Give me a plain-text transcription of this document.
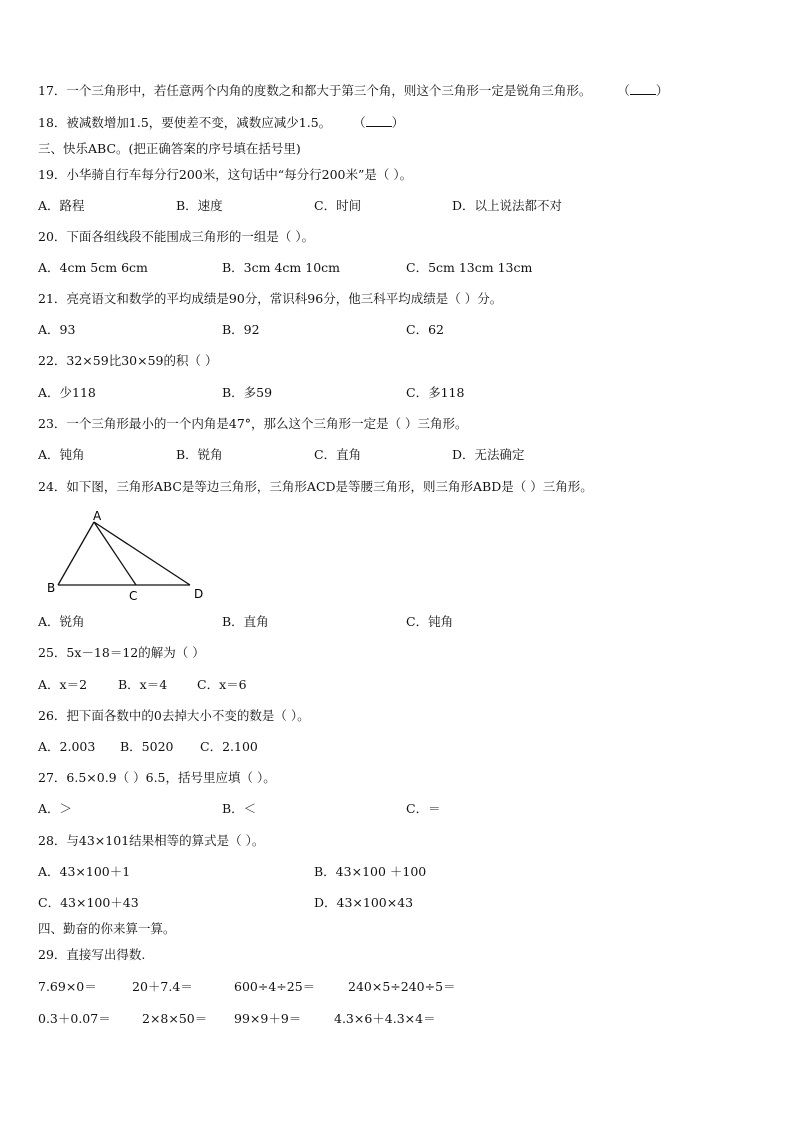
17．一个三角形中，若任意两个内角的度数之和都大于第三个角，则这个三角形一定是锐角三角形。 （ ）
18．被减数增加1.5，要使差不变，减数应减少1.5。 （ ）
三、快乐ABC。(把正确答案的序号填在括号里)
19．小华骑自行车每分行200米，这句话中“每分行200米”是（ ）。
A．路程	B．速度	C．时间	D．以上说法都不对
20．下面各组线段不能围成三角形的一组是（ ）。
A．4cm 5cm 6cm	B．3cm 4cm 10cm	C．5cm 13cm 13cm
21．亮亮语文和数学的平均成绩是90分，常识科96分，他三科平均成绩是（ ）分。
A．93	B．92	C．62
22．32×59比30×59的积（ ）
A．少118	B．多59	C．多118
23．一个三角形最小的一个内角是47°，那么这个三角形一定是（ ）三角形。
A．钝角	B．锐角	C．直角	D．无法确定
24．如下图，三角形ABC是等边三角形，三角形ACD是等腰三角形，则三角形ABD是（ ）三角形。
A
B
C	D
A．锐角	B．直角	C．钝角
25．5x－18＝12的解为（ ）
A．x＝2 B．x＝4 C．x＝6
26．把下面各数中的0去掉大小不变的数是（ ）。
A．2.003 B．5020 C．2.100
27．6.5×0.9（ ）6.5，括号里应填（ ）。
A．＞	B．＜	C．＝
28．与43×101结果相等的算式是（ ）。
A．43×100＋1	B．43×100 ＋100
C．43×100＋43	D．43×100×43
四、勤奋的你来算一算。
29．直接写出得数.
7.69×0＝	20＋7.4＝	600÷4÷25＝	240×5÷240÷5＝
0.3＋0.07＝	2×8×50＝ 99×9＋9＝	4.3×6＋4.3×4＝
